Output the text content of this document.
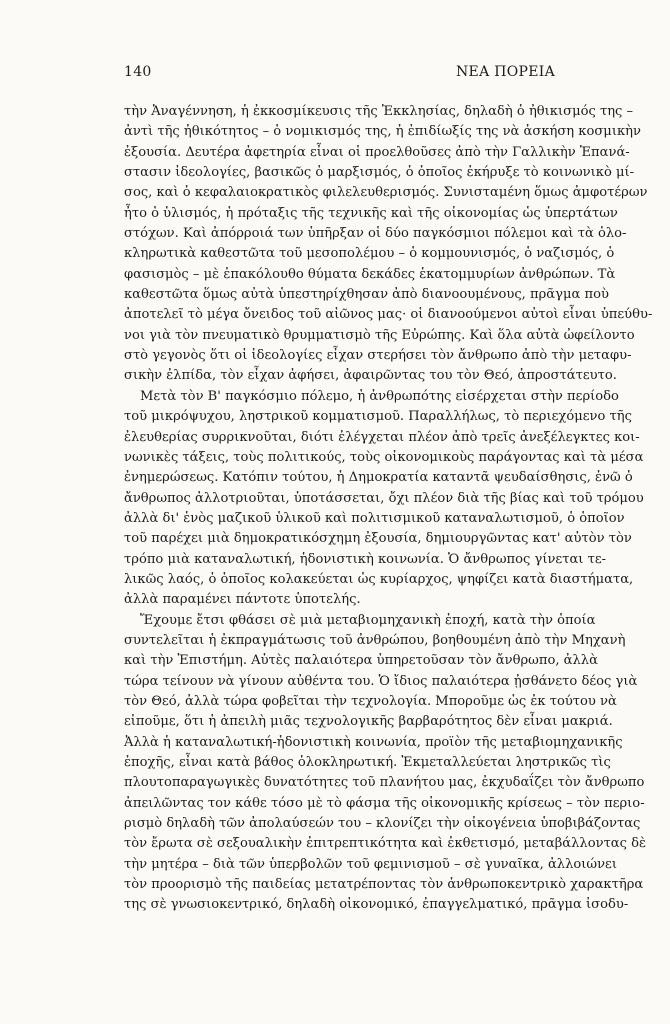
140	ΝΕΑ ΠΟΡΕΙΑ
τὴν Ἀναγέννηση, ἡ ἐκκοσμίκευσις τῆς Ἐκκλησίας, δηλαδὴ ὁ ἠθικισμός της –
ἀντὶ τῆς ἠθικότητος – ὁ νομικισμός της, ἡ ἐπιδίωξίς της νὰ ἀσκήση κοσμικὴν
ἐξουσία. Δευτέρα ἀφετηρία εἶναι οἱ προελθοῦσες ἀπὸ τὴν Γαλλικὴν Ἐπανά-
στασιν ἰδεολογίες, βασικῶς ὁ μαρξισμός, ὁ ὁποῖος ἐκήρυξε τὸ κοινωνικὸ μί-
σος, καὶ ὁ κεφαλαιοκρατικὸς φιλελευθερισμός. Συνισταμένη ὅμως ἀμφοτέρων
ἦτο ὁ ὑλισμός, ἡ πρόταξις τῆς τεχνικῆς καὶ τῆς οἰκονομίας ὡς ὑπερτάτων
στόχων. Καὶ ἀπόρροιά των ὑπῆρξαν οἱ δύο παγκόσμιοι πόλεμοι καὶ τὰ ὁλο-
κληρωτικὰ καθεστῶτα τοῦ μεσοπολέμου – ὁ κομμουνισμός, ὁ ναζισμός, ὁ
φασισμὸς – μὲ ἐπακόλουθο θύματα δεκάδες ἑκατομμυρίων ἀνθρώπων. Τὰ
καθεστῶτα ὅμως αὐτὰ ὑπεστηρίχθησαν ἀπὸ διανοουμένους, πρᾶγμα ποὺ
ἀποτελεῖ τὸ μέγα ὄνειδος τοῦ αἰῶνος μας· οἱ διανοούμενοι αὐτοὶ εἶναι ὑπεύθυ-
νοι γιὰ τὸν πνευματικὸ θρυμματισμὸ τῆς Εὐρώπης. Καὶ ὅλα αὐτὰ ὠφείλοντο
στὸ γεγονὸς ὅτι οἱ ἰδεολογίες εἶχαν στερήσει τὸν ἄνθρωπο ἀπὸ τὴν μεταφυ-
σικὴν ἐλπίδα, τὸν εἶχαν ἀφήσει, ἀφαιρῶντας του τὸν Θεό, ἀπροστάτευτο.
Μετὰ τὸν Β' παγκόσμιο πόλεμο, ἡ ἀνθρωπότης εἰσέρχεται στὴν περίοδο
τοῦ μικρόψυχου, ληστρικοῦ κομματισμοῦ. Παραλλήλως, τὸ περιεχόμενο τῆς
ἐλευθερίας συρρικνοῦται, διότι ἐλέγχεται πλέον ἀπὸ τρεῖς ἀνεξέλεγκτες κοι-
νωνικὲς τάξεις, τοὺς πολιτικούς, τοὺς οἰκονομικοὺς παράγοντας καὶ τὰ μέσα
ἐνημερώσεως. Κατόπιν τούτου, ἡ Δημοκρατία καταντᾶ ψευδαίσθησις, ἐνῶ ὁ
ἄνθρωπος ἀλλοτριοῦται, ὑποτάσσεται, ὄχι πλέον διὰ τῆς βίας καὶ τοῦ τρόμου
ἀλλὰ δι' ἑνὸς μαζικοῦ ὑλικοῦ καὶ πολιτισμικοῦ καταναλωτισμοῦ, ὁ ὁποῖον
τοῦ παρέχει μιὰ δημοκρατικόσχημη ἐξουσία, δημιουργῶντας κατ' αὐτὸν τὸν
τρόπο μιὰ καταναλωτική, ἡδονιστικὴ κοινωνία. Ὁ ἄνθρωπος γίνεται τε-
λικῶς λαός, ὁ ὁποῖος κολακεύεται ὡς κυρίαρχος, ψηφίζει κατὰ διαστήματα,
ἀλλὰ παραμένει πάντοτε ὑποτελής.
Ἔχουμε ἔτσι φθάσει σὲ μιὰ μεταβιομηχανικὴ ἐποχή, κατὰ τὴν ὁποία
συντελεῖται ἡ ἐκπραγμάτωσις τοῦ ἀνθρώπου, βοηθουμένη ἀπὸ τὴν Μηχανὴ
καὶ τὴν Ἐπιστήμη. Αὐτὲς παλαιότερα ὑπηρετοῦσαν τὸν ἄνθρωπο, ἀλλὰ
τώρα τείνουν νὰ γίνουν αὐθέντα του. Ὁ ἴδιος παλαιότερα ᾐσθάνετο δέος γιὰ
τὸν Θεό, ἀλλὰ τώρα φοβεῖται τὴν τεχνολογία. Μποροῦμε ὡς ἐκ τούτου νὰ
εἰποῦμε, ὅτι ἡ ἀπειλὴ μιᾶς τεχνολογικῆς βαρβαρότητος δὲν εἶναι μακριά.
Ἀλλὰ ἡ καταναλωτική-ἡδονιστικὴ κοινωνία, προϊὸν τῆς μεταβιομηχανικῆς
ἐποχῆς, εἶναι κατὰ βάθος ὁλοκληρωτική. Ἐκμεταλλεύεται ληστρικῶς τὶς
πλουτοπαραγωγικὲς δυνατότητες τοῦ πλανήτου μας, ἐκχυδαΐζει τὸν ἄνθρωπο
ἀπειλῶντας τον κάθε τόσο μὲ τὸ φάσμα τῆς οἰκονομικῆς κρίσεως – τὸν περιο-
ρισμὸ δηλαδὴ τῶν ἀπολαύσεών του – κλονίζει τὴν οἰκογένεια ὑποβιβάζοντας
τὸν ἔρωτα σὲ σεξουαλικὴν ἐπιτρεπτικότητα καὶ ἐκθετισμό, μεταβάλλοντας δὲ
τὴν μητέρα – διὰ τῶν ὑπερβολῶν τοῦ φεμινισμοῦ – σὲ γυναῖκα, ἀλλοιώνει
τὸν προορισμὸ τῆς παιδείας μετατρέποντας τὸν ἀνθρωποκεντρικὸ χαρακτῆρα
της σὲ γνωσιοκεντρικό, δηλαδὴ οἰκονομικό, ἐπαγγελματικό, πρᾶγμα ἰσοδυ-
